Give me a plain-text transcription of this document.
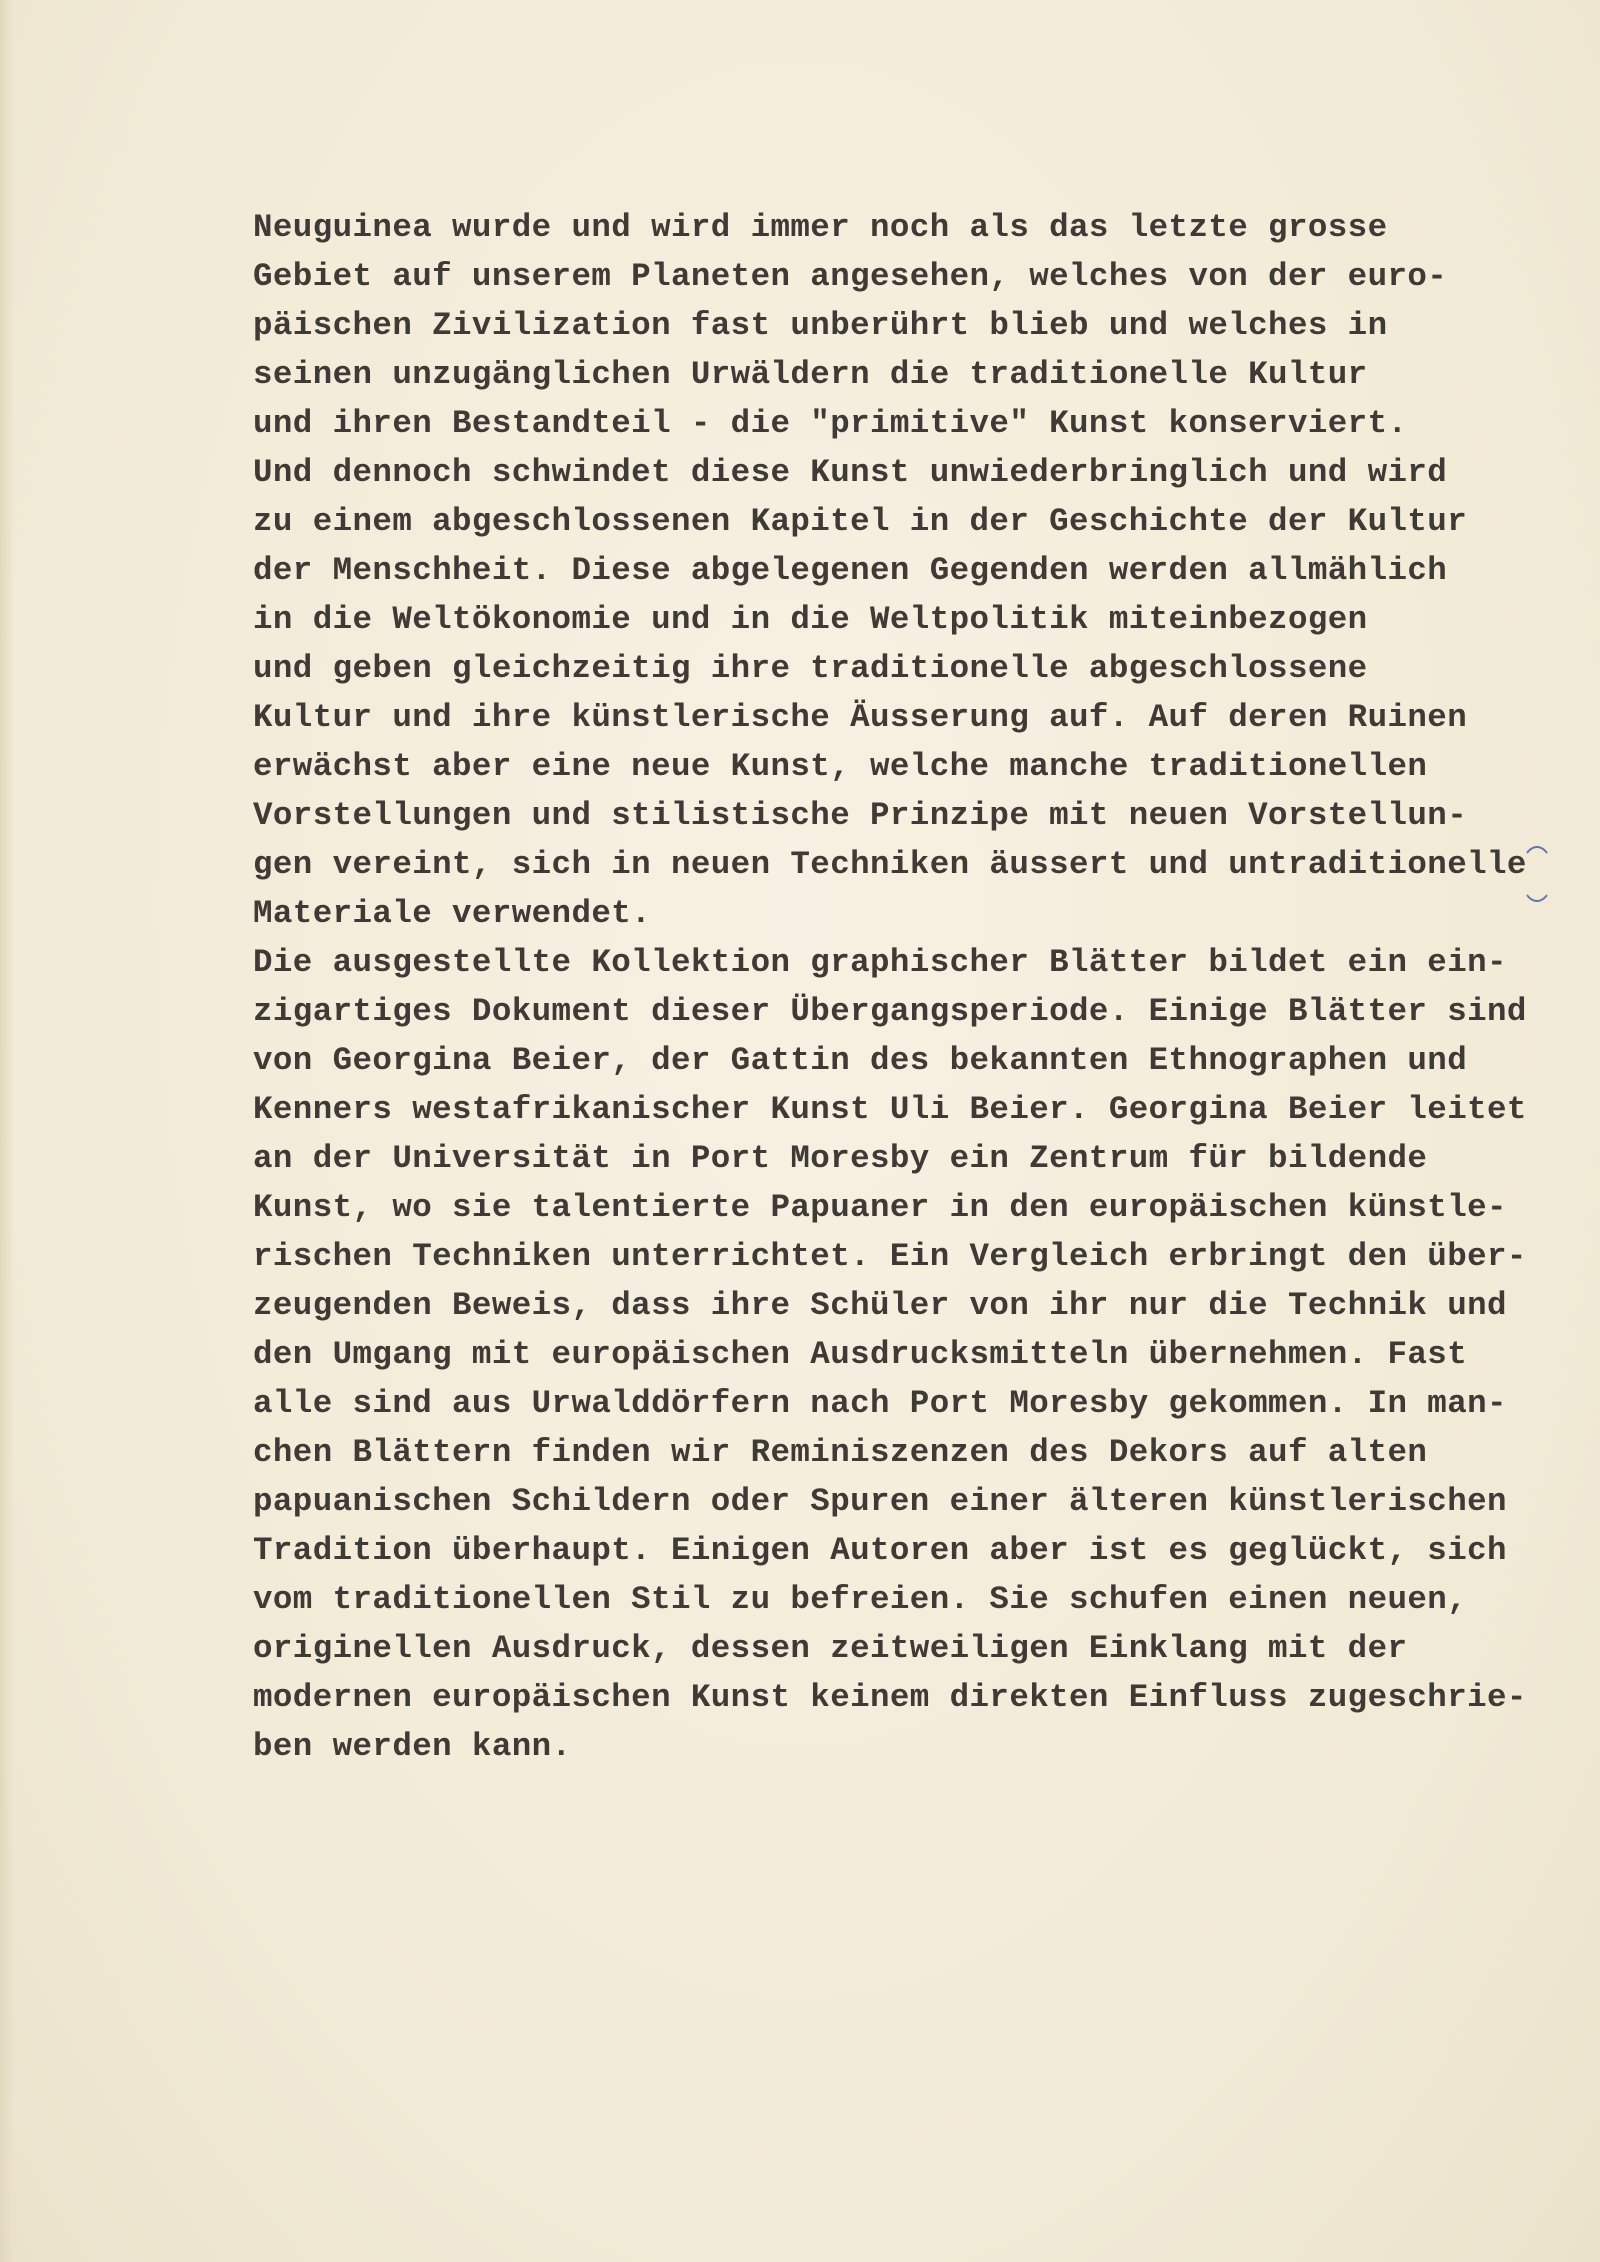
Neuguinea wurde und wird immer noch als das letzte grosse
Gebiet auf unserem Planeten angesehen, welches von der euro-
päischen Zivilization fast unberührt blieb und welches in
seinen unzugänglichen Urwäldern die traditionelle Kultur
und ihren Bestandteil - die "primitive" Kunst konserviert.
Und dennoch schwindet diese Kunst unwiederbringlich und wird
zu einem abgeschlossenen Kapitel in der Geschichte der Kultur
der Menschheit. Diese abgelegenen Gegenden werden allmählich
in die Weltökonomie und in die Weltpolitik miteinbezogen
und geben gleichzeitig ihre traditionelle abgeschlossene
Kultur und ihre künstlerische Äusserung auf. Auf deren Ruinen
erwächst aber eine neue Kunst, welche manche traditionellen
Vorstellungen und stilistische Prinzipe mit neuen Vorstellun-
gen vereint, sich in neuen Techniken äussert und untraditionelle
Materiale verwendet.
Die ausgestellte Kollektion graphischer Blätter bildet ein ein-
zigartiges Dokument dieser Übergangsperiode. Einige Blätter sind
von Georgina Beier, der Gattin des bekannten Ethnographen und
Kenners westafrikanischer Kunst Uli Beier. Georgina Beier leitet
an der Universität in Port Moresby ein Zentrum für bildende
Kunst, wo sie talentierte Papuaner in den europäischen künstle-
rischen Techniken unterrichtet. Ein Vergleich erbringt den über-
zeugenden Beweis, dass ihre Schüler von ihr nur die Technik und
den Umgang mit europäischen Ausdrucksmitteln übernehmen. Fast
alle sind aus Urwalddörfern nach Port Moresby gekommen. In man-
chen Blättern finden wir Reminiszenzen des Dekors auf alten
papuanischen Schildern oder Spuren einer älteren künstlerischen
Tradition überhaupt. Einigen Autoren aber ist es geglückt, sich
vom traditionellen Stil zu befreien. Sie schufen einen neuen,
originellen Ausdruck, dessen zeitweiligen Einklang mit der
modernen europäischen Kunst keinem direkten Einfluss zugeschrie-
ben werden kann.
